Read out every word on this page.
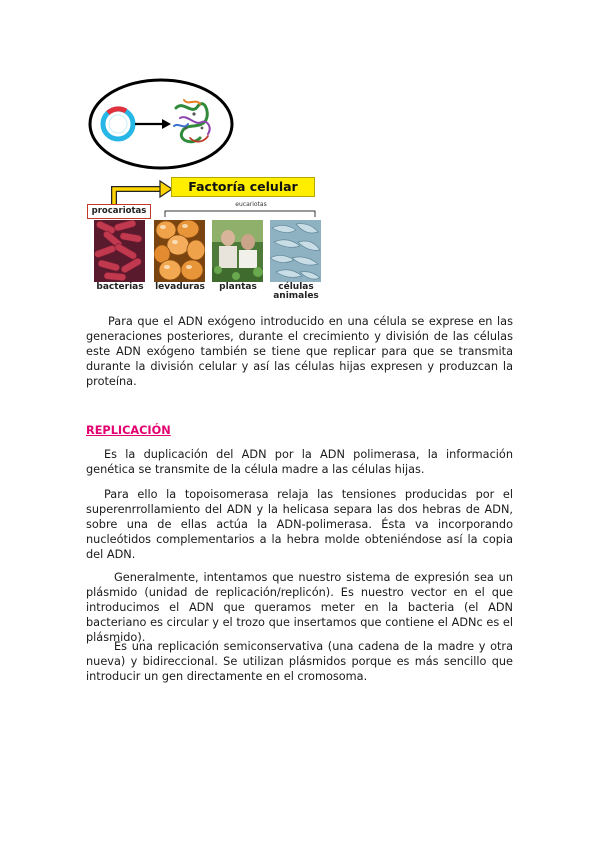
Factoría celular
procariotas
eucariotas
bacterias	levaduras	plantas	células
animales

Para que el ADN exógeno introducido en una célula se exprese en las generaciones posteriores, durante el crecimiento y división de las células este ADN exógeno también se tiene que replicar para que se transmita durante la división celular y así las células hijas expresen y produzcan la proteína.

REPLICACIÓN

Es la duplicación del ADN por la ADN polimerasa, la información genética se transmite de la célula madre a las células hijas.

Para ello la topoisomerasa relaja las tensiones producidas por el superenrrollamiento del ADN y la helicasa separa las dos hebras de ADN, sobre una de ellas actúa la ADN-polimerasa. Ésta va incorporando nucleótidos complementarios a la hebra molde obteniéndose así la copia del ADN.

Generalmente, intentamos que nuestro sistema de expresión sea un plásmido (unidad de replicación/replicón). Es nuestro vector en el que introducimos el ADN que queramos meter en la bacteria (el ADN bacteriano es circular y el trozo que insertamos que contiene el ADNc es el plásmido).

Es una replicación semiconservativa (una cadena de la madre y otra nueva) y bidireccional. Se utilizan plásmidos porque es más sencillo que introducir un gen directamente en el cromosoma.
